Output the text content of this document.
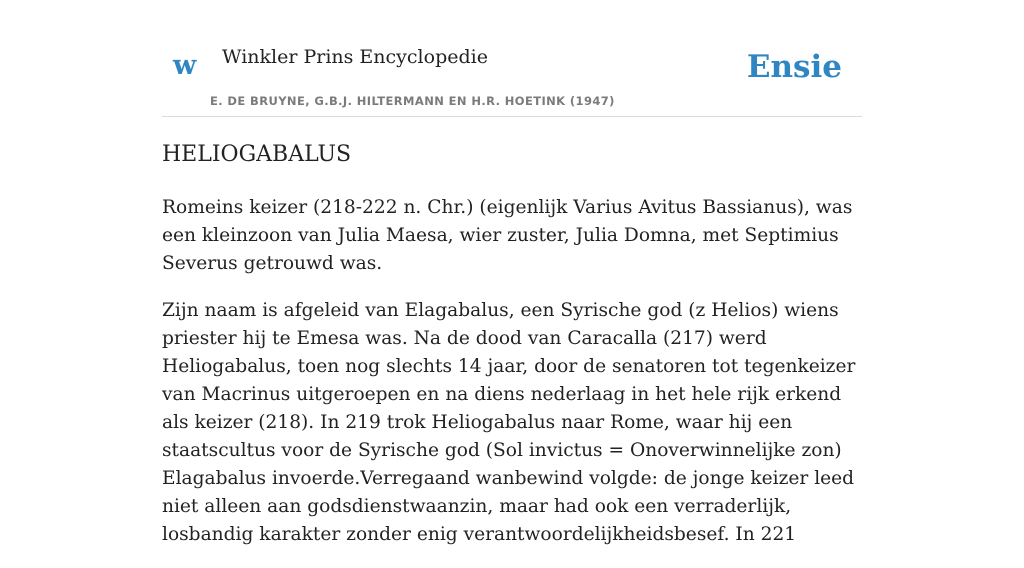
w Winkler Prins Encyclopedie
E. DE BRUYNE, G.B.J. HILTERMANN EN H.R. HOETINK (1947)
Ensie
HELIOGABALUS

Romeins keizer (218-222 n. Chr.) (eigenlijk Varius Avitus Bassianus), was een kleinzoon van Julia Maesa, wier zuster, Julia Domna, met Septimius Severus getrouwd was.

Zijn naam is afgeleid van Elagabalus, een Syrische god (z Helios) wiens priester hij te Emesa was. Na de dood van Caracalla (217) werd Heliogabalus, toen nog slechts 14 jaar, door de senatoren tot tegenkeizer van Macrinus uitgeroepen en na diens nederlaag in het hele rijk erkend als keizer (218). In 219 trok Heliogabalus naar Rome, waar hij een staatscultus voor de Syrische god (Sol invictus = Onoverwinnelijke zon) Elagabalus invoerde.Verregaand wanbewind volgde: de jonge keizer leed niet alleen aan godsdienstwaanzin, maar had ook een verraderlijk, losbandig karakter zonder enig verantwoordelijkheidsbesef. In 221
